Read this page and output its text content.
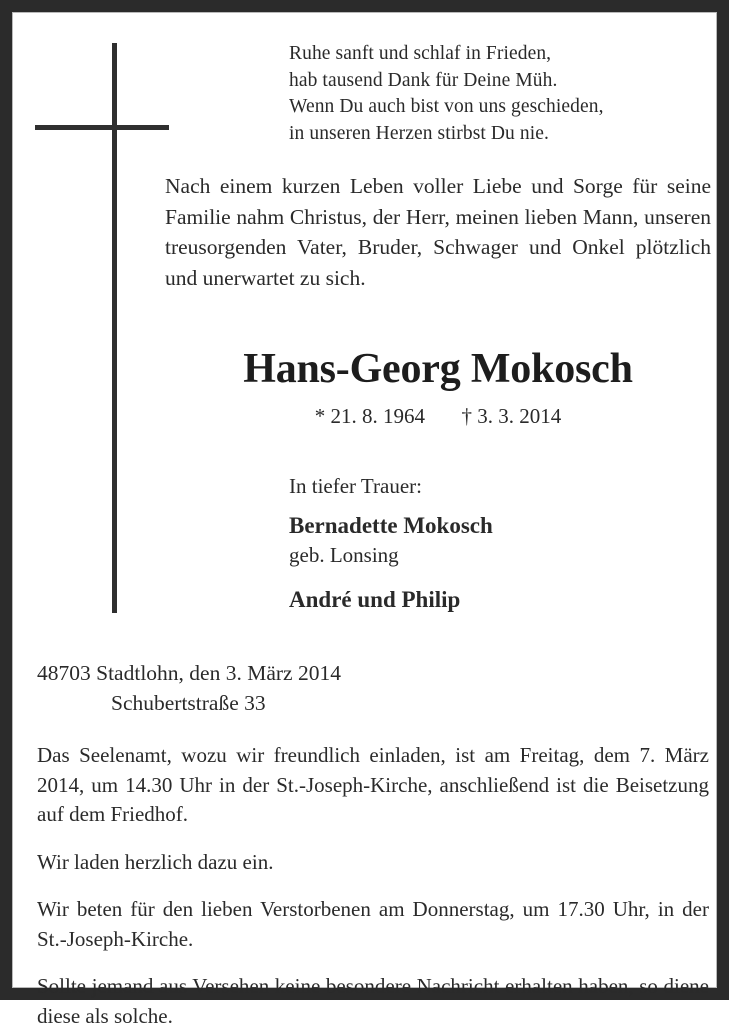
Ruhe sanft und schlaf in Frieden,
hab tausend Dank für Deine Müh.
Wenn Du auch bist von uns geschieden,
in unseren Herzen stirbst Du nie.
Nach einem kurzen Leben voller Liebe und Sorge für seine Familie nahm Christus, der Herr, meinen lieben Mann, unseren treusorgenden Vater, Bruder, Schwager und Onkel plötzlich und unerwartet zu sich.
Hans-Georg Mokosch
* 21. 8. 1964 † 3. 3. 2014
In tiefer Trauer:
Bernadette Mokosch
geb. Lonsing
André und Philip
48703 Stadtlohn, den 3. März 2014
Schubertstraße 33

Das Seelenamt, wozu wir freundlich einladen, ist am Freitag, dem 7. März 2014, um 14.30 Uhr in der St.-Joseph-Kirche, anschließend ist die Beisetzung auf dem Friedhof.

Wir laden herzlich dazu ein.

Wir beten für den lieben Verstorbenen am Donnerstag, um 17.30 Uhr, in der St.-Joseph-Kirche.

Sollte jemand aus Versehen keine besondere Nachricht erhalten haben, so diene diese als solche.
